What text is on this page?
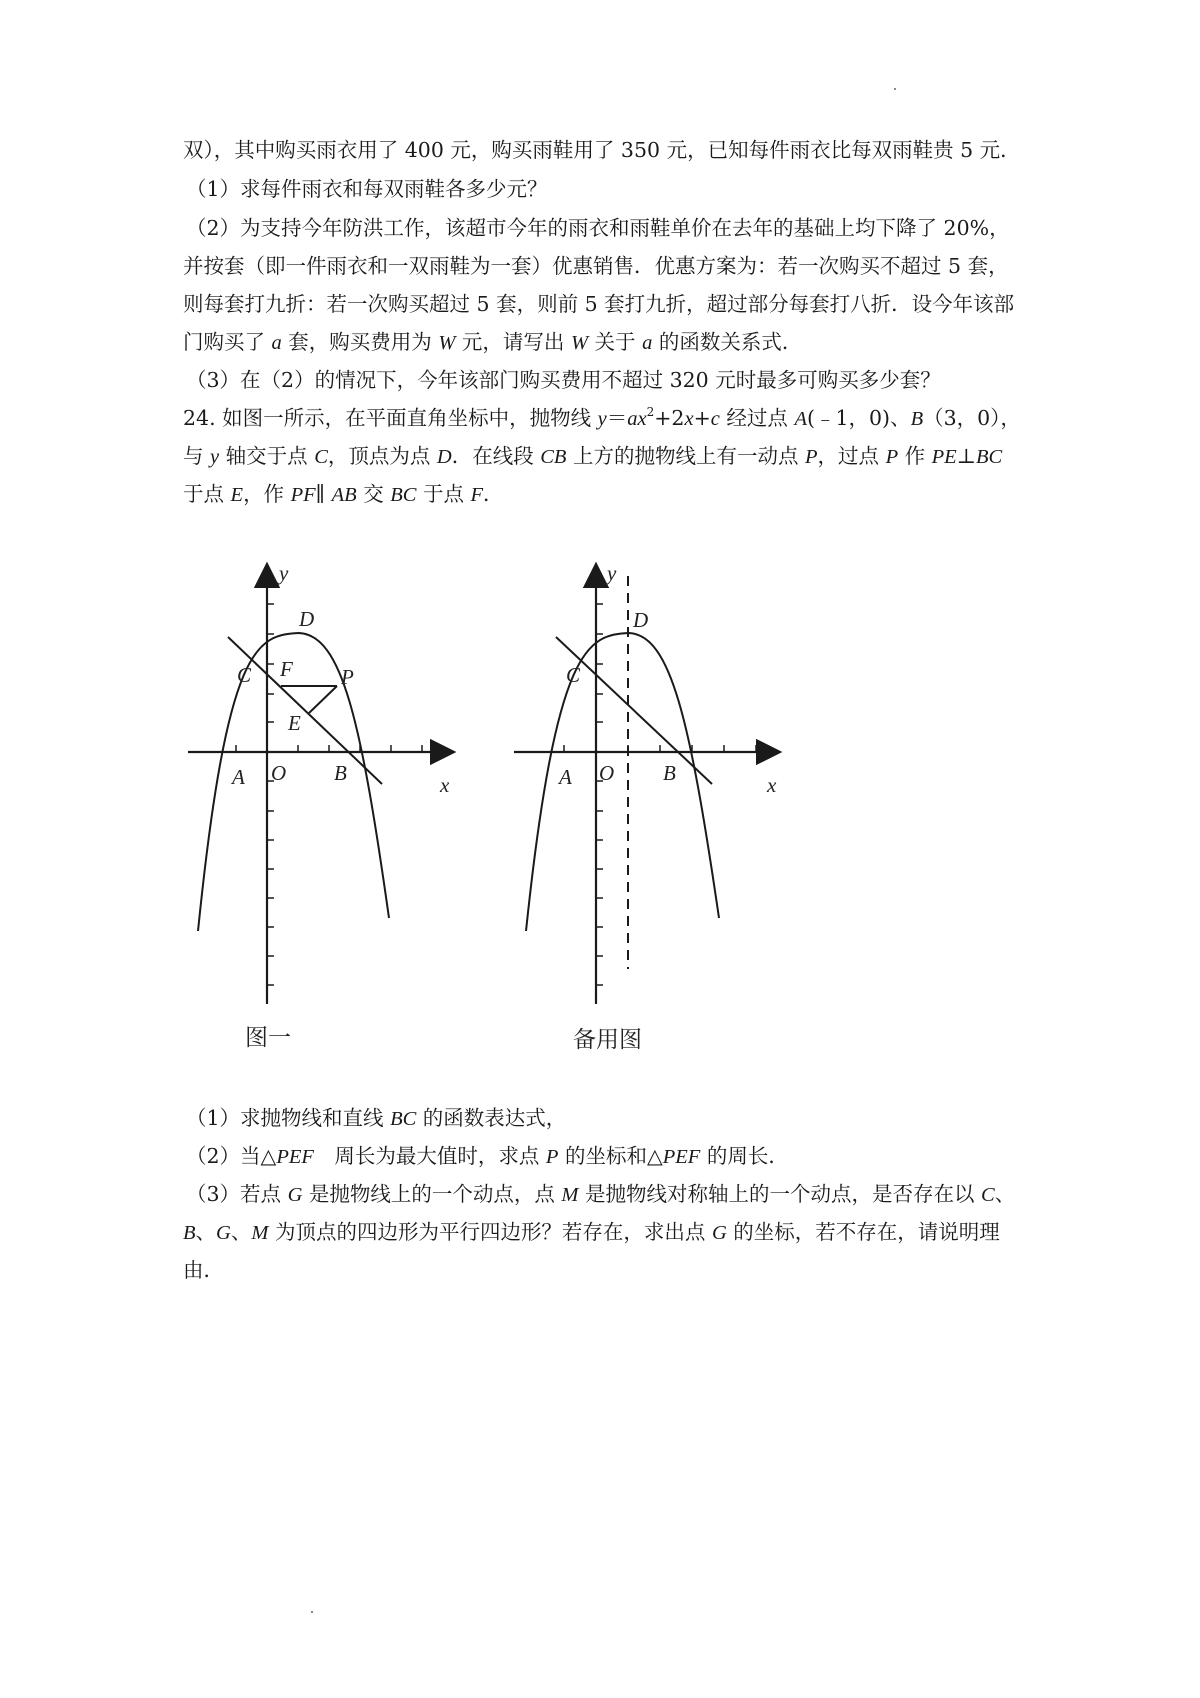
双），其中购买雨衣用了 400 元，购买雨鞋用了 350 元，已知每件雨衣比每双雨鞋贵 5 元．
（1）求每件雨衣和每双雨鞋各多少元？
（2）为支持今年防洪工作，该超市今年的雨衣和雨鞋单价在去年的基础上均下降了 20%，
并按套（即一件雨衣和一双雨鞋为一套）优惠销售．优惠方案为：若一次购买不超过 5 套，
则每套打九折：若一次购买超过 5 套，则前 5 套打九折，超过部分每套打八折．设今年该部
门购买了 a 套，购买费用为 W 元，请写出 W 关于 a 的函数关系式．
（3）在（2）的情况下，今年该部门购买费用不超过 320 元时最多可购买多少套？
24. 如图一所示，在平面直角坐标中，抛物线 $y=ax^2+2x+c$ 经过点 A(﹣1，0)、B（3，0），
与 y 轴交于点 C，顶点为点 D．在线段 CB 上方的抛物线上有一动点 P，过点 P 作 PE⊥BC
于点 E，作 PF∥ AB 交 BC 于点 F．
y
x
D
C F P
E
A O B
图一
y
x
D
C
A O B
备用图
（1）求抛物线和直线 BC 的函数表达式，
（2）当△PEF　周长为最大值时，求点 P 的坐标和△PEF 的周长．
（3）若点 G 是抛物线上的一个动点，点 M 是抛物线对称轴上的一个动点，是否存在以 C、
B、G、M 为顶点的四边形为平行四边形？若存在，求出点 G 的坐标，若不存在，请说明理
由．
